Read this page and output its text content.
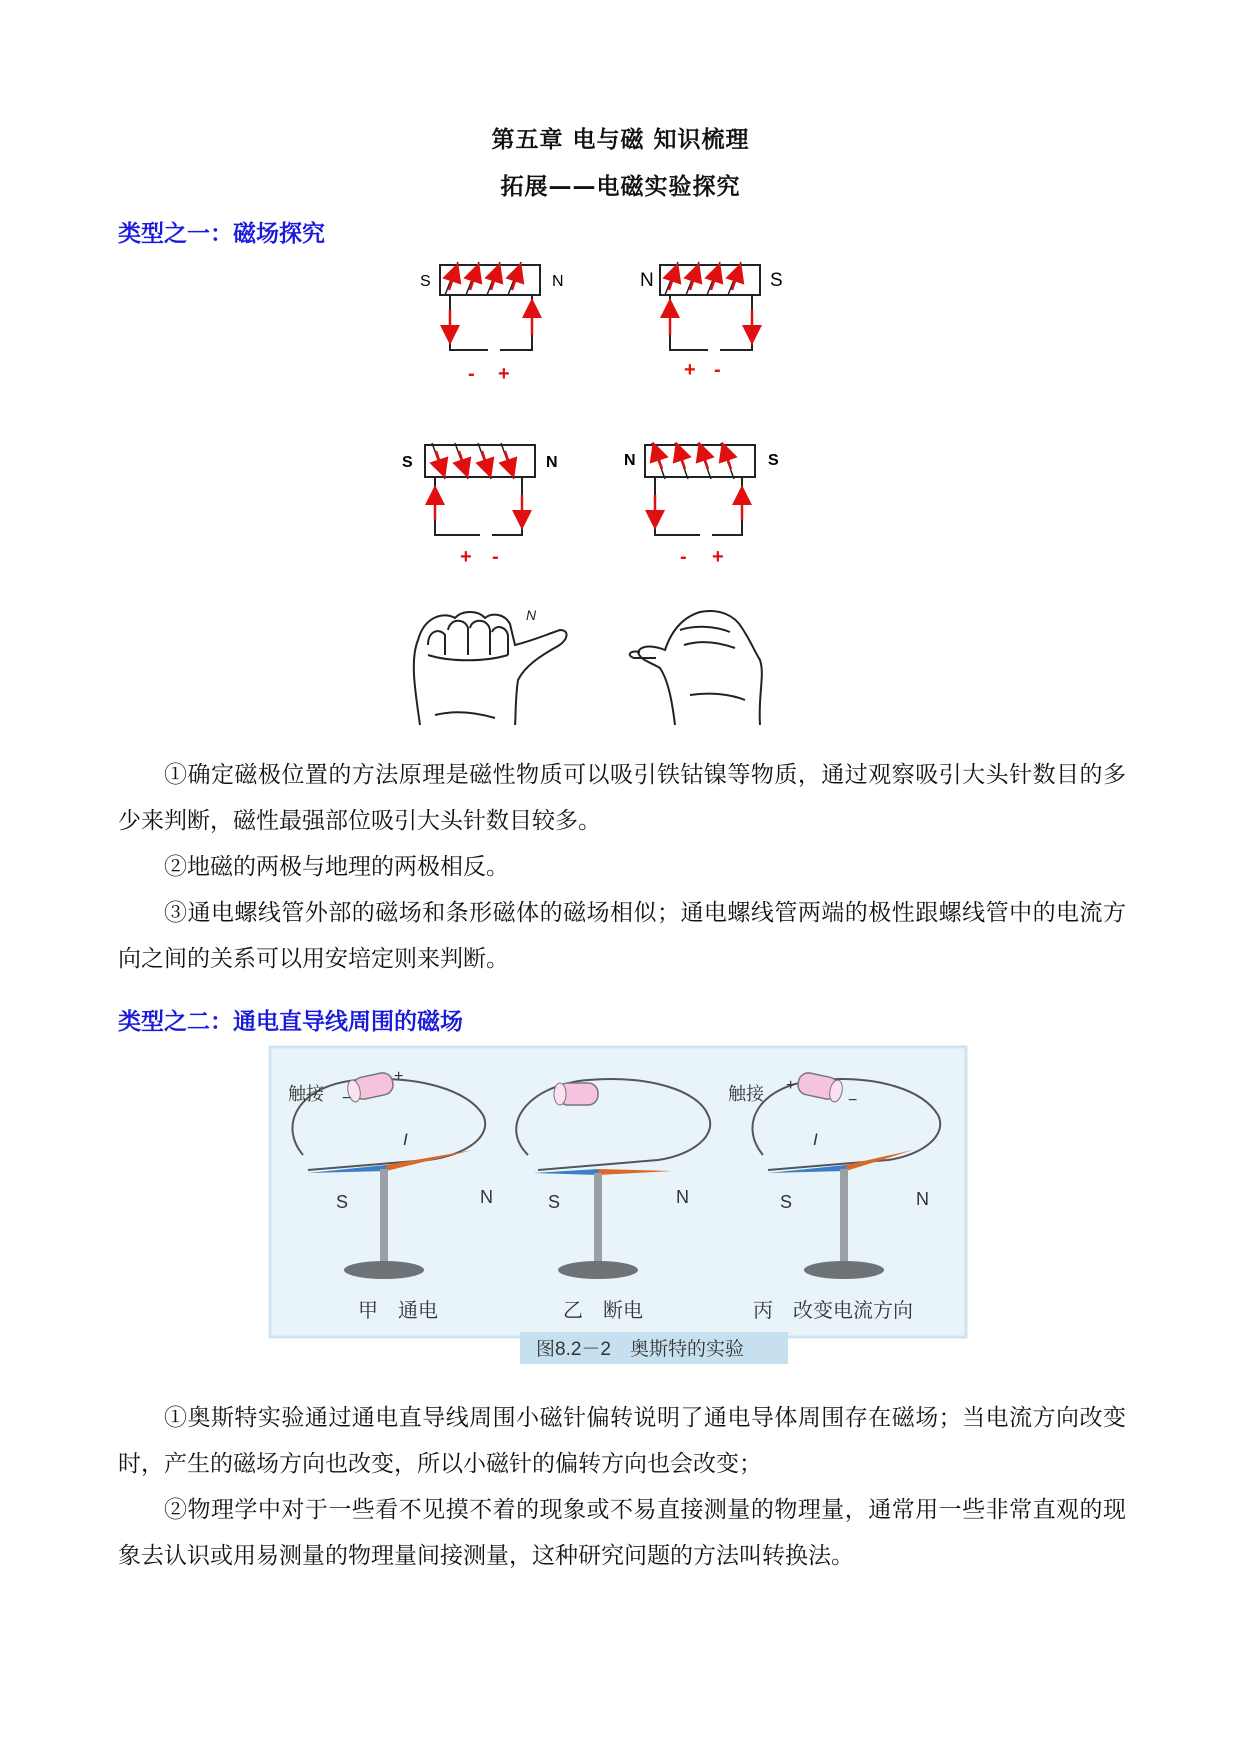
第五章 电与磁 知识梳理
拓展——电磁实验探究
类型之一：磁场探究
S	N
- +
N	S
+ -
S	N
+ -
N	S
- +
N

①确定磁极位置的方法原理是磁性物质可以吸引铁钴镍等物质，通过观察吸引大头针数目的多少来判断，磁性最强部位吸引大头针数目较多。

②地磁的两极与地理的两极相反。

③通电螺线管外部的磁场和条形磁体的磁场相似；通电螺线管两端的极性跟螺线管中的电流方向之间的关系可以用安培定则来判断。

类型之二：通电直导线周围的磁场
触接 −
+
I
S	N
甲　通电
S	N
乙　断电
触接 +
−
I
S	N
丙　改变电流方向
图8.2－2　奥斯特的实验

①奥斯特实验通过通电直导线周围小磁针偏转说明了通电导体周围存在磁场；当电流方向改变时，产生的磁场方向也改变，所以小磁针的偏转方向也会改变；

②物理学中对于一些看不见摸不着的现象或不易直接测量的物理量，通常用一些非常直观的现象去认识或用易测量的物理量间接测量，这种研究问题的方法叫转换法。
